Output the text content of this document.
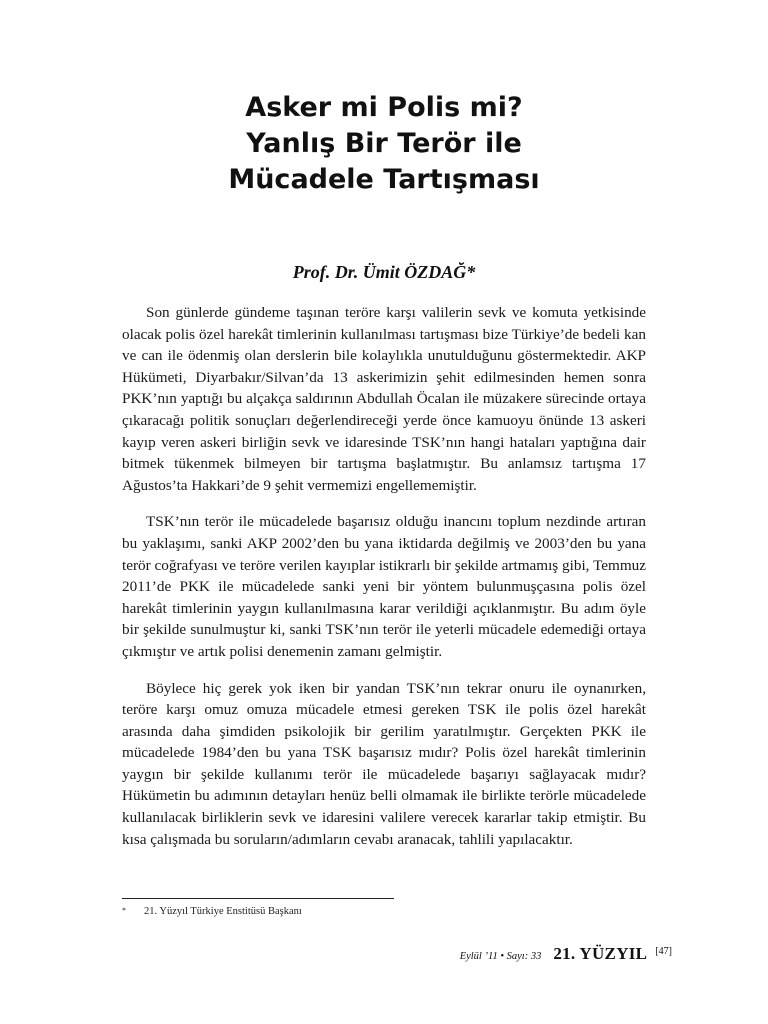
Asker mi Polis mi?
Yanlış Bir Terör ile
Mücadele Tartışması
Prof. Dr. Ümit ÖZDAĞ*

Son günlerde gündeme taşınan teröre karşı valilerin sevk ve komuta yetkisinde olacak polis özel harekât timlerinin kullanılması tartışması bize Türkiye’de bedeli kan ve can ile ödenmiş olan derslerin bile kolaylıkla unutulduğunu göstermektedir. AKP Hükümeti, Diyarbakır/Silvan’da 13 askerimizin şehit edilmesinden hemen sonra PKK’nın yaptığı bu alçakça saldırının Abdullah Öcalan ile müzakere sürecinde ortaya çıkaracağı politik sonuçları değerlendireceği yerde önce kamuoyu önünde 13 askeri kayıp veren askeri birliğin sevk ve idaresinde TSK’nın hangi hataları yaptığına dair bitmek tükenmek bilmeyen bir tartışma başlatmıştır. Bu anlamsız tartışma 17 Ağustos’ta Hakkari’de 9 şehit vermemizi engellememiştir.

TSK’nın terör ile mücadelede başarısız olduğu inancını toplum nezdinde artıran bu yaklaşımı, sanki AKP 2002’den bu yana iktidarda değilmiş ve 2003’den bu yana terör coğrafyası ve teröre verilen kayıplar istikrarlı bir şekilde artmamış gibi, Temmuz 2011’de PKK ile mücadelede sanki yeni bir yöntem bulunmuşçasına polis özel harekât timlerinin yaygın kullanılmasına karar verildiği açıklanmıştır. Bu adım öyle bir şekilde sunulmuştur ki, sanki TSK’nın terör ile yeterli mücadele edemediği ortaya çıkmıştır ve artık polisi denemenin zamanı gelmiştir.

Böylece hiç gerek yok iken bir yandan TSK’nın tekrar onuru ile oynanırken, teröre karşı omuz omuza mücadele etmesi gereken TSK ile polis özel harekât arasında daha şimdiden psikolojik bir gerilim yaratılmıştır. Gerçekten PKK ile mücadelede 1984’den bu yana TSK başarısız mıdır? Polis özel harekât timlerinin yaygın bir şekilde kullanımı terör ile mücadelede başarıyı sağlayacak mıdır? Hükümetin bu adımının detayları henüz belli olmamak ile birlikte terörle mücadelede kullanılacak birliklerin sevk ve idaresini valilere verecek kararlar takip etmiştir. Bu kısa çalışmada bu soruların/adımların cevabı aranacak, tahlili yapılacaktır.

* 21. Yüzyıl Türkiye Enstitüsü Başkanı
Eylül ’11 • Sayı: 33 21. YÜZYIL [47]
